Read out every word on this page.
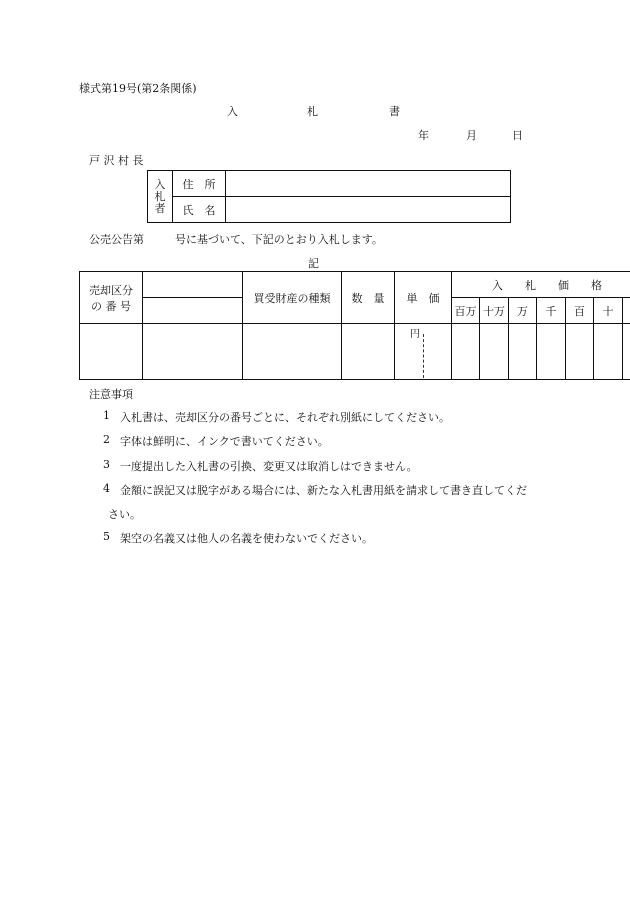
様式第19号(第2条関係)
入	札	書
年	月	日
戸 沢 村 長
入
札
者	住　所	
	氏　名	
公売公告第	号に基づいて、下記のとおり入札します。
記
売却区分
の 番 号		買受財産の種類	数　量	単　価	入　　札　　価　　格						
					百万	十万	万	千	百	十	

				円							

注意事項
1 入札書は、売却区分の番号ごとに、それぞれ別紙にしてください。
2 字体は鮮明に、インクで書いてください。
3 一度提出した入札書の引換、変更又は取消しはできません。
4 金額に誤記又は脱字がある場合には、新たな入札書用紙を請求して書き直してくだ
さい。
5 架空の名義又は他人の名義を使わないでください。
